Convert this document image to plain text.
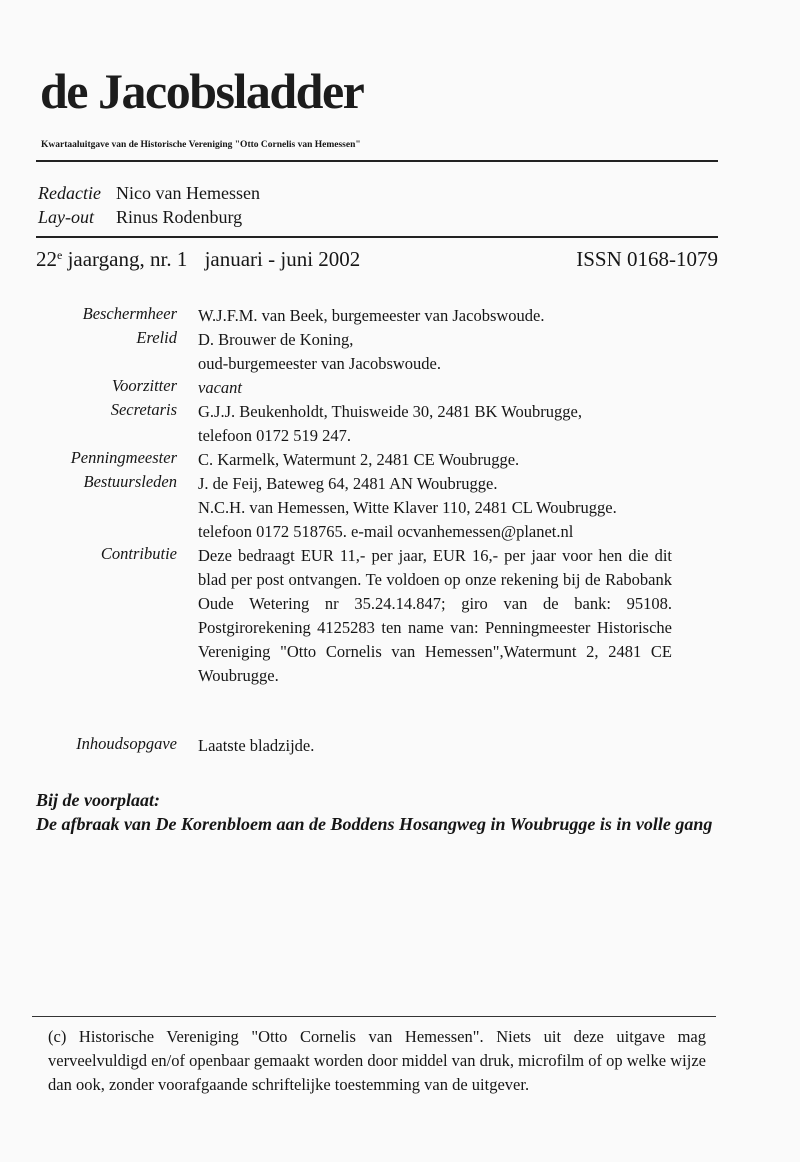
de Jacobsladder
Kwartaaluitgave van de Historische Vereniging "Otto Cornelis van Hemessen"
Redactie Nico van Hemessen
Lay-out Rinus Rodenburg
22e jaargang, nr. 1 januari - juni 2002	ISSN 0168-1079
Beschermheer W.J.F.M. van Beek, burgemeester van Jacobswoude.
Erelid D. Brouwer de Koning,
oud-burgemeester van Jacobswoude.
Voorzitter vacant
Secretaris G.J.J. Beukenholdt, Thuisweide 30, 2481 BK Woubrugge,
telefoon 0172 519 247.
Penningmeester C. Karmelk, Watermunt 2, 2481 CE Woubrugge.
Bestuursleden J. de Feij, Bateweg 64, 2481 AN Woubrugge.
N.C.H. van Hemessen, Witte Klaver 110, 2481 CL Woubrugge.
telefoon 0172 518765. e-mail ocvanhemessen@planet.nl
Contributie Deze bedraagt EUR 11,- per jaar, EUR 16,- per jaar voor hen die dit blad per post ontvangen. Te voldoen op onze rekening bij de Rabobank Oude Wetering nr 35.24.14.847; giro van de bank: 95108. Postgirorekening 4125283 ten name van: Penningmeester Historische Vereniging "Otto Cornelis van Hemessen",Watermunt 2, 2481 CE Woubrugge.
Inhoudsopgave Laatste bladzijde.
Bij de voorplaat:
De afbraak van De Korenbloem aan de Boddens Hosangweg in Woubrugge is in volle gang
(c) Historische Vereniging "Otto Cornelis van Hemessen". Niets uit deze uitgave mag verveelvuldigd en/of openbaar gemaakt worden door middel van druk, microfilm of op welke wijze dan ook, zonder voorafgaande schriftelijke toestemming van de uitgever.
